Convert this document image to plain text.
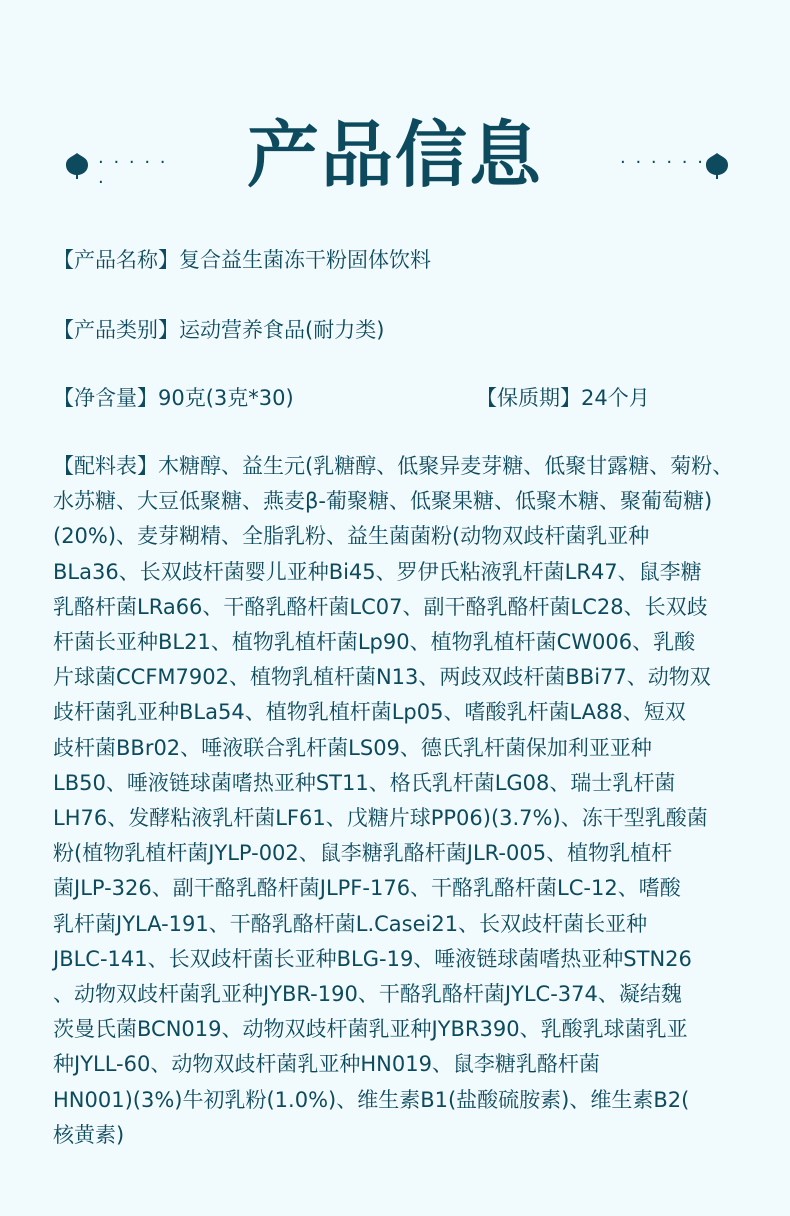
· · · · · ·	产品信息	· · · · · ·
【产品名称】复合益生菌冻干粉固体饮料
【产品类别】运动营养食品(耐力类)
【净含量】90克(3克*30)	【保质期】24个月
【配料表】木糖醇、益生元(乳糖醇、低聚异麦芽糖、低聚甘露糖、菊粉、
水苏糖、大豆低聚糖、燕麦β-葡聚糖、低聚果糖、低聚木糖、聚葡萄糖)
(20%)、麦芽糊精、全脂乳粉、益生菌菌粉(动物双歧杆菌乳亚种
BLa36、长双歧杆菌婴儿亚种Bi45、罗伊氏粘液乳杆菌LR47、鼠李糖
乳酪杆菌LRa66、干酪乳酪杆菌LC07、副干酪乳酪杆菌LC28、长双歧
杆菌长亚种BL21、植物乳植杆菌Lp90、植物乳植杆菌CW006、乳酸
片球菌CCFM7902、植物乳植杆菌N13、两歧双歧杆菌BBi77、动物双
歧杆菌乳亚种BLa54、植物乳植杆菌Lp05、嗜酸乳杆菌LA88、短双
歧杆菌BBr02、唾液联合乳杆菌LS09、德氏乳杆菌保加利亚亚种
LB50、唾液链球菌嗜热亚种ST11、格氏乳杆菌LG08、瑞士乳杆菌
LH76、发酵粘液乳杆菌LF61、戊糖片球PP06)(3.7%)、冻干型乳酸菌
粉(植物乳植杆菌JYLP-002、鼠李糖乳酪杆菌JLR-005、植物乳植杆
菌JLP-326、副干酪乳酪杆菌JLPF-176、干酪乳酪杆菌LC-12、嗜酸
乳杆菌JYLA-191、干酪乳酪杆菌L.Casei21、长双歧杆菌长亚种
JBLC-141、长双歧杆菌长亚种BLG-19、唾液链球菌嗜热亚种STN26
、动物双歧杆菌乳亚种JYBR-190、干酪乳酪杆菌JYLC-374、凝结魏
茨曼氏菌BCN019、动物双歧杆菌乳亚种JYBR390、乳酸乳球菌乳亚
种JYLL-60、动物双歧杆菌乳亚种HN019、鼠李糖乳酪杆菌
HN001)(3%)牛初乳粉(1.0%)、维生素B1(盐酸硫胺素)、维生素B2(
核黄素)
